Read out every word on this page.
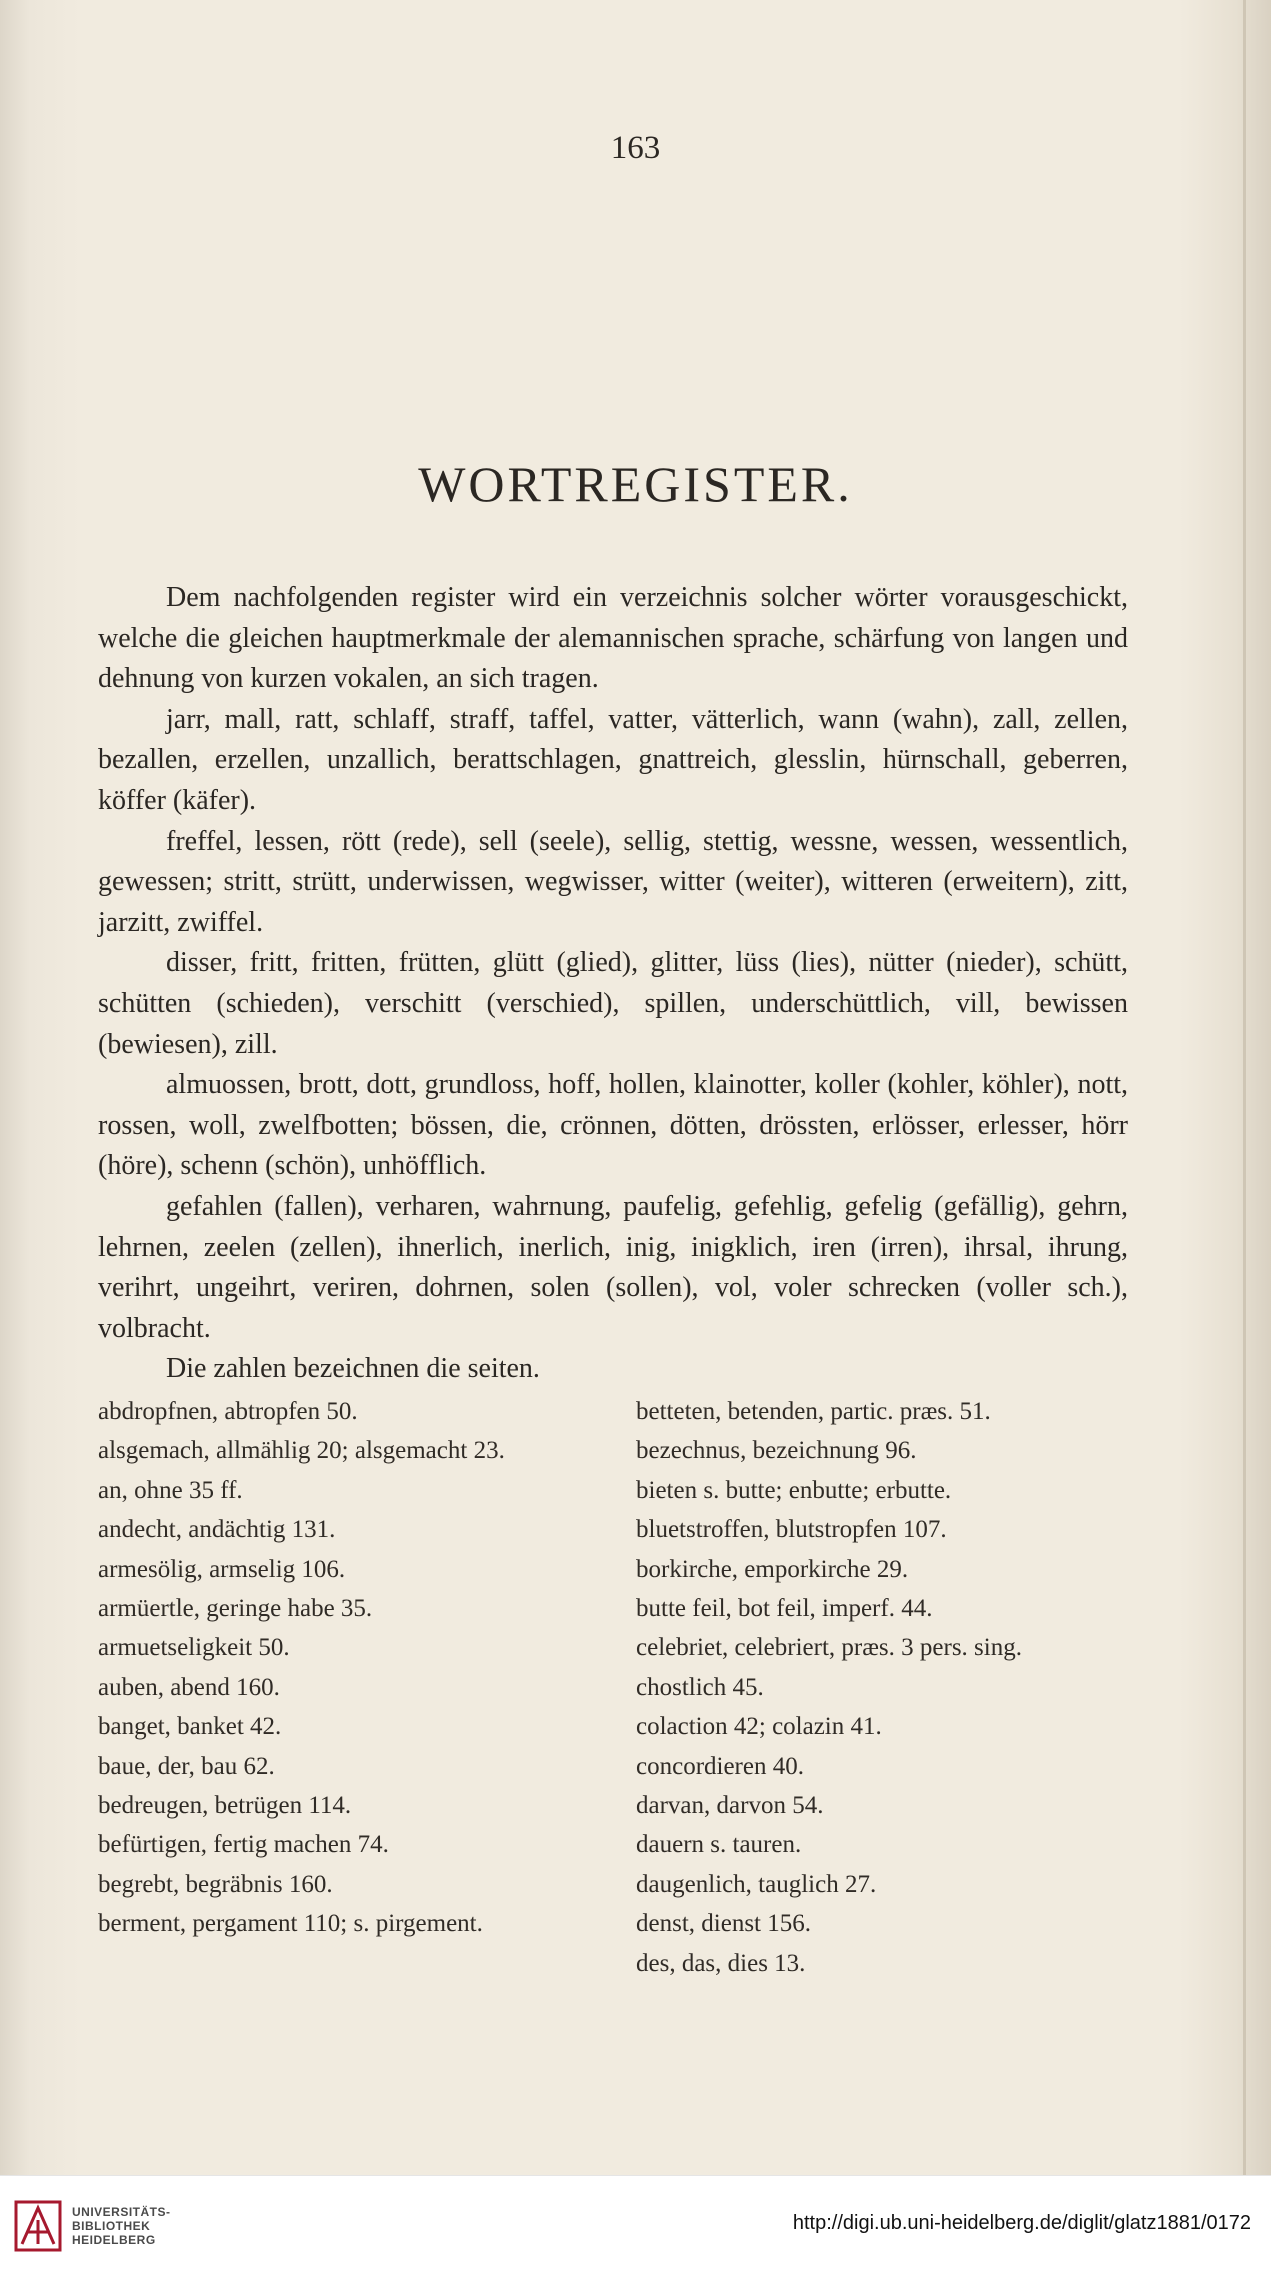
163
WORTREGISTER.

Dem nachfolgenden register wird ein verzeichnis solcher wörter vorausgeschickt, welche die gleichen hauptmerkmale der alemannischen sprache, schärfung von langen und dehnung von kurzen vokalen, an sich tragen.

jarr, mall, ratt, schlaff, straff, taffel, vatter, vätterlich, wann (wahn), zall, zellen, bezallen, erzellen, unzallich, berattschlagen, gnattreich, glesslin, hürnschall, geberren, köffer (käfer).

freffel, lessen, rött (rede), sell (seele), sellig, stettig, wessne, wessen, wessentlich, gewessen; stritt, strütt, underwissen, wegwisser, witter (weiter), witteren (erweitern), zitt, jarzitt, zwiffel.

disser, fritt, fritten, frütten, glütt (glied), glitter, lüss (lies), nütter (nieder), schütt, schütten (schieden), verschitt (verschied), spillen, underschüttlich, vill, bewissen (bewiesen), zill.

almuossen, brott, dott, grundloss, hoff, hollen, klainotter, koller (kohler, köhler), nott, rossen, woll, zwelfbotten; bössen, die, crönnen, dötten, drössten, erlösser, erlesser, hörr (höre), schenn (schön), unhöfflich.

gefahlen (fallen), verharen, wahrnung, paufelig, gefehlig, gefelig (gefällig), gehrn, lehrnen, zeelen (zellen), ihnerlich, inerlich, inig, inigklich, iren (irren), ihrsal, ihrung, verihrt, ungeihrt, veriren, dohrnen, solen (sollen), vol, voler schrecken (voller sch.), volbracht.

Die zahlen bezeichnen die seiten.

abdropfnen, abtropfen 50.
alsgemach, allmählig 20; alsgemacht 23.
an, ohne 35 ff.
andecht, andächtig 131.
armesölig, armselig 106.
armüertle, geringe habe 35.
armuetseligkeit 50.
auben, abend 160.
banget, banket 42.
baue, der, bau 62.
bedreugen, betrügen 114.
befürtigen, fertig machen 74.
begrebt, begräbnis 160.
berment, pergament 110; s. pirgement.
betteten, betenden, partic. præs. 51.
bezechnus, bezeichnung 96.
bieten s. butte; enbutte; erbutte.
bluetstroffen, blutstropfen 107.
borkirche, emporkirche 29.
butte feil, bot feil, imperf. 44.
celebriet, celebriert, præs. 3 pers. sing.
chostlich 45.
colaction 42; colazin 41.
concordieren 40.
darvan, darvon 54.
dauern s. tauren.
daugenlich, tauglich 27.
denst, dienst 156.
des, das, dies 13.
UNIVERSITÄTS-
BIBLIOTHEK
HEIDELBERG
http://digi.ub.uni-heidelberg.de/diglit/glatz1881/0172
